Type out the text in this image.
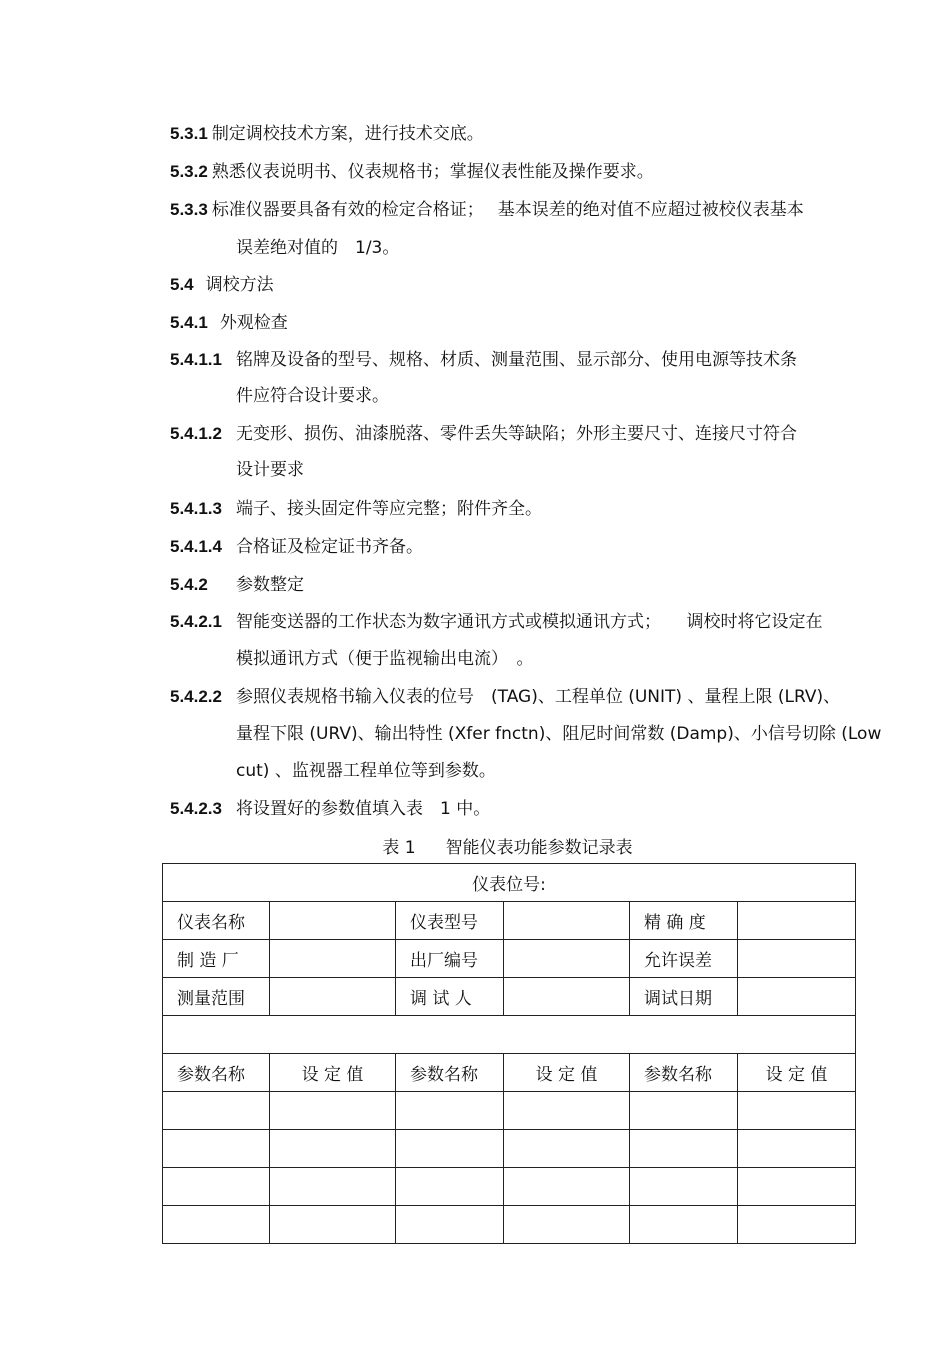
5.3.1 制定调校技术方案，进行技术交底。
5.3.2 熟悉仪表说明书、仪表规格书；掌握仪表性能及操作要求。
5.3.3 标准仪器要具备有效的检定合格证；　 基本误差的绝对值不应超过被校仪表基本
误差绝对值的　1/3。
5.4 调校方法
5.4.1 外观检查
5.4.1.1 铭牌及设备的型号、规格、材质、测量范围、显示部分、使用电源等技术条
件应符合设计要求。
5.4.1.2 无变形、损伤、油漆脱落、零件丢失等缺陷；外形主要尺寸、连接尺寸符合
设计要求
5.4.1.3 端子、接头固定件等应完整；附件齐全。
5.4.1.4 合格证及检定证书齐备。
5.4.2 参数整定
5.4.2.1 智能变送器的工作状态为数字通讯方式或模拟通讯方式；　　调校时将它设定在
模拟通讯方式（便于监视输出电流）　。
5.4.2.2 参照仪表规格书输入仪表的位号　(TAG)、工程单位 (UNIT) 、量程上限 (LRV)、
量程下限 (URV)、输出特性 (Xfer fnctn)、阻尼时间常数 (Damp)、小信号切除 (Low
cut) 、监视器工程单位等到参数。
5.4.2.3 将设置好的参数值填入表　1 中。
表 1 智能仪表功能参数记录表
仪表位号:					
仪表名称		仪表型号		精 确 度	
制 造 厂		出厂编号		允许误差	
测量范围		调 试 人		调试日期	

参数名称	设 定 值	参数名称	设 定 值	参数名称	设 定 值
